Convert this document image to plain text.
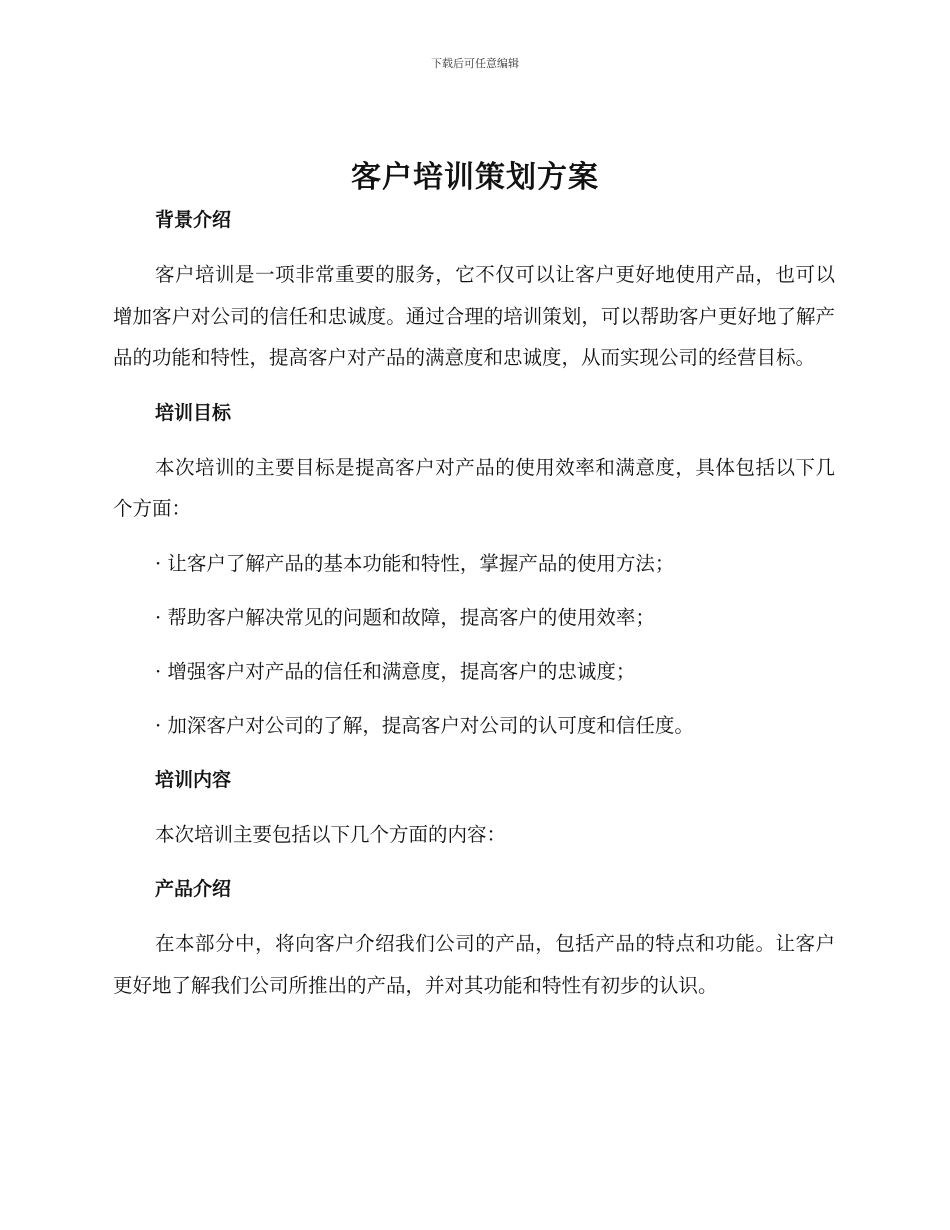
下载后可任意编辑
客户培训策划方案
背景介绍

客户培训是一项非常重要的服务，它不仅可以让客户更好地使用产品，也可以增加客户对公司的信任和忠诚度。通过合理的培训策划，可以帮助客户更好地了解产品的功能和特性，提高客户对产品的满意度和忠诚度，从而实现公司的经营目标。

培训目标

本次培训的主要目标是提高客户对产品的使用效率和满意度，具体包括以下几个方面：

· 让客户了解产品的基本功能和特性，掌握产品的使用方法；
· 帮助客户解决常见的问题和故障，提高客户的使用效率；
· 增强客户对产品的信任和满意度，提高客户的忠诚度；
· 加深客户对公司的了解，提高客户对公司的认可度和信任度。
培训内容

本次培训主要包括以下几个方面的内容：

产品介绍

在本部分中，将向客户介绍我们公司的产品，包括产品的特点和功能。让客户更好地了解我们公司所推出的产品，并对其功能和特性有初步的认识。
